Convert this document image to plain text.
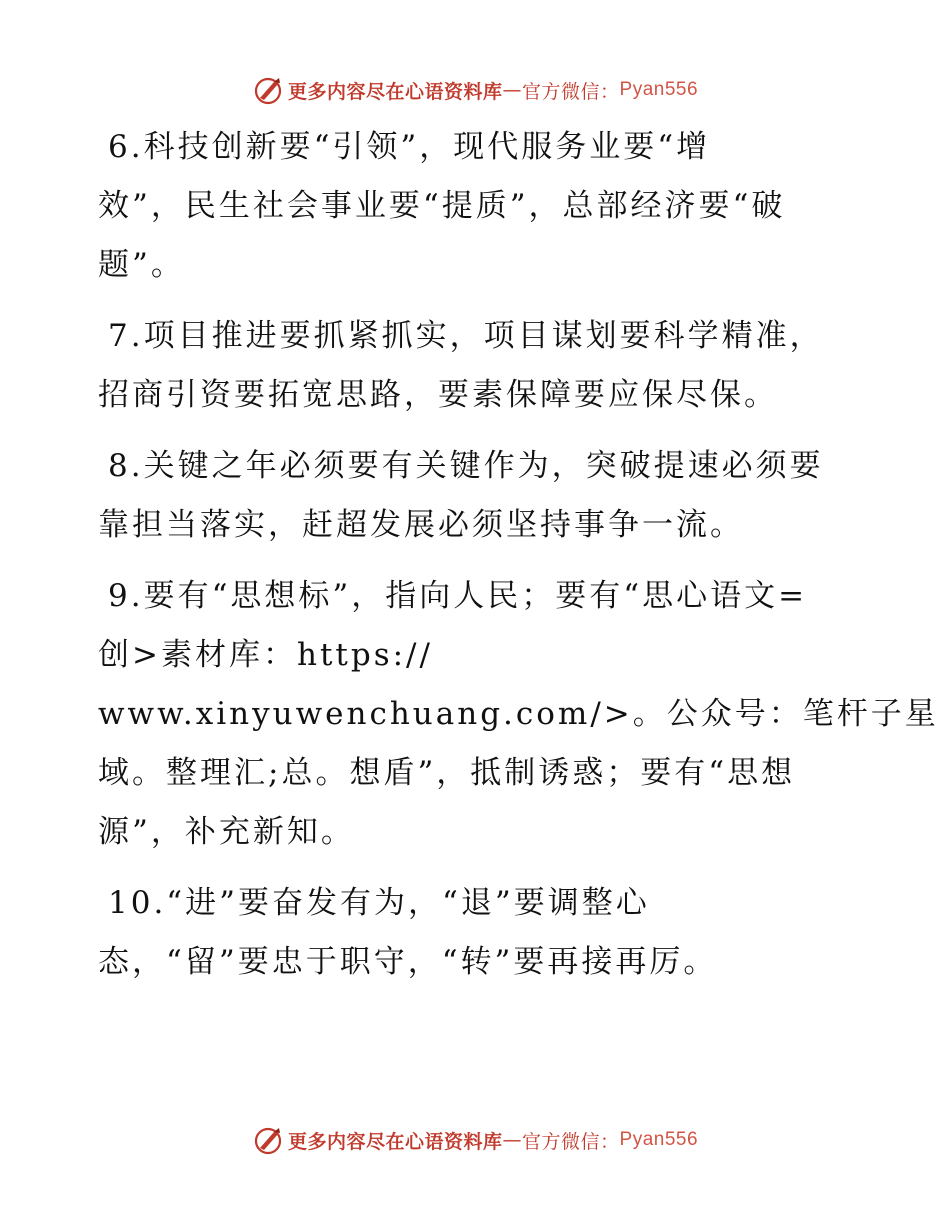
更多内容尽在心语资料库 — 官方微信 ： Pyan556
6.科技创新要“引领”，现代服务业要“增
效”，民生社会事业要“提质”，总部经济要“破
题”。
7.项目推进要抓紧抓实，项目谋划要科学精准，
招商引资要拓宽思路，要素保障要应保尽保。
8.关键之年必须要有关键作为，突破提速必须要
靠担当落实，赶超发展必须坚持事争一流。
9.要有“思想标”，指向人民；要有“思心语文=
创>素材库：https://
www.xinyuwenchuang.com/>。公众号：笔杆子星
域。整理汇;总。想盾”，抵制诱惑；要有“思想
源”，补充新知。
10.“进”要奋发有为，“退”要调整心
态，“留”要忠于职守，“转”要再接再厉。
更多内容尽在心语资料库 — 官方微信 ： Pyan556
